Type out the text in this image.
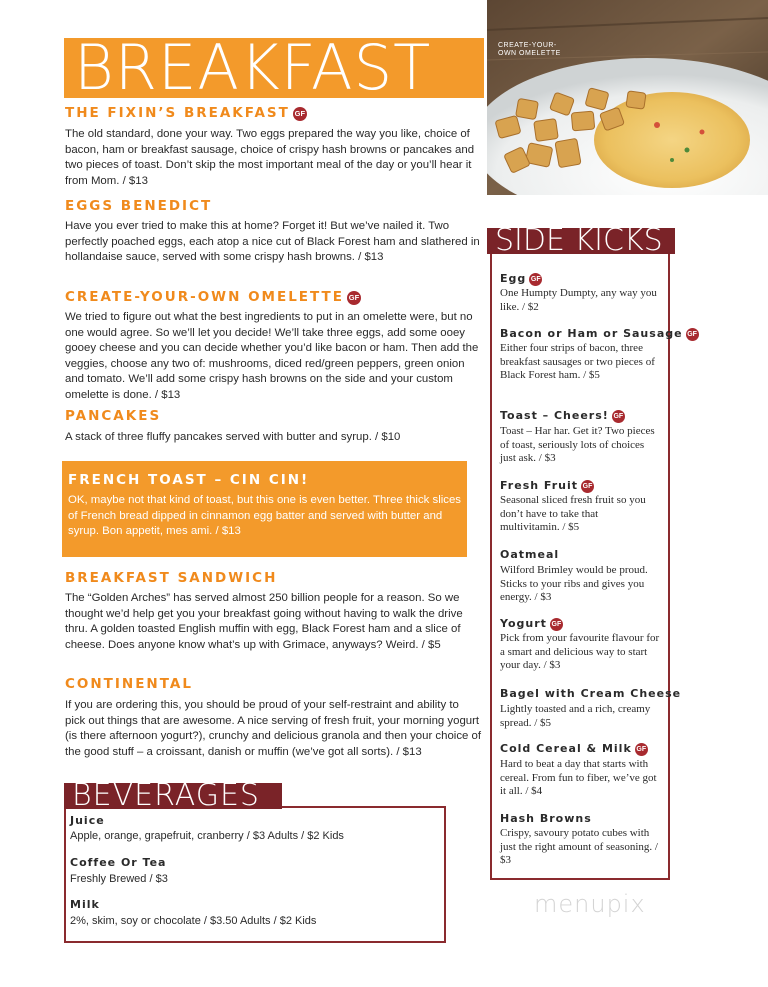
BREAKFAST	CREATE-YOUR-OWN OMELETTE
THE FIXIN’S BREAKFAST GF
The old standard, done your way. Two eggs prepared the way you like, choice of bacon, ham or breakfast sausage, choice of crispy hash browns or pancakes and two pieces of toast. Don’t skip the most important meal of the day or you’ll hear it from Mom. / $13
EGGS BENEDICT
Have you ever tried to make this at home? Forget it! But we’ve nailed it. Two perfectly poached eggs, each atop a nice cut of Black Forest ham and slathered in hollandaise sauce, served with some crispy hash browns. / $13
CREATE-YOUR-OWN OMELETTE GF
We tried to figure out what the best ingredients to put in an omelette were, but no one would agree. So we’ll let you decide! We’ll take three eggs, add some ooey gooey cheese and you can decide whether you’d like bacon or ham. Then add the veggies, choose any two of: mushrooms, diced red/green peppers, green onion and tomato. We’ll add some crispy hash browns on the side and your custom omelette is done. / $13
PANCAKES
A stack of three fluffy pancakes served with butter and syrup. / $10
FRENCH TOAST – CIN CIN!
OK, maybe not that kind of toast, but this one is even better. Three thick slices of French bread dipped in cinnamon egg batter and served with butter and syrup. Bon appetit, mes ami. / $13
BREAKFAST SANDWICH
The “Golden Arches” has served almost 250 billion people for a reason. So we thought we’d help get you your breakfast going without having to walk the drive thru. A golden toasted English muffin with egg, Black Forest ham and a slice of cheese. Does anyone know what’s up with Grimace, anyways? Weird. / $5
CONTINENTAL
If you are ordering this, you should be proud of your self-restraint and ability to pick out things that are awesome. A nice serving of fresh fruit, your morning yogurt (is there afternoon yogurt?), crunchy and delicious granola and then your choice of the good stuff – a croissant, danish or muffin (we’ve got all sorts). / $13
BEVERAGES
Juice
Apple, orange, grapefruit, cranberry / $3 Adults / $2 Kids
Coffee Or Tea
Freshly Brewed / $3
Milk
2%, skim, soy or chocolate / $3.50 Adults / $2 Kids
SIDE KICKS
Egg GF
One Humpty Dumpty, any way you like. / $2
Bacon or Ham or Sausage GF
Either four strips of bacon, three breakfast sausages or two pieces of Black Forest ham. / $5
Toast – Cheers! GF
Toast – Har har. Get it? Two pieces of toast, seriously lots of choices just ask. / $3
Fresh Fruit GF
Seasonal sliced fresh fruit so you don’t have to take that multivitamin. / $5
Oatmeal
Wilford Brimley would be proud. Sticks to your ribs and gives you energy. / $3
Yogurt GF
Pick from your favourite flavour for a smart and delicious way to start your day. / $3
Bagel with Cream Cheese
Lightly toasted and a rich, creamy spread. / $5
Cold Cereal & Milk GF
Hard to beat a day that starts with cereal. From fun to fiber, we’ve got it all. / $4
Hash Browns
Crispy, savoury potato cubes with just the right amount of seasoning. / $3
menupix
